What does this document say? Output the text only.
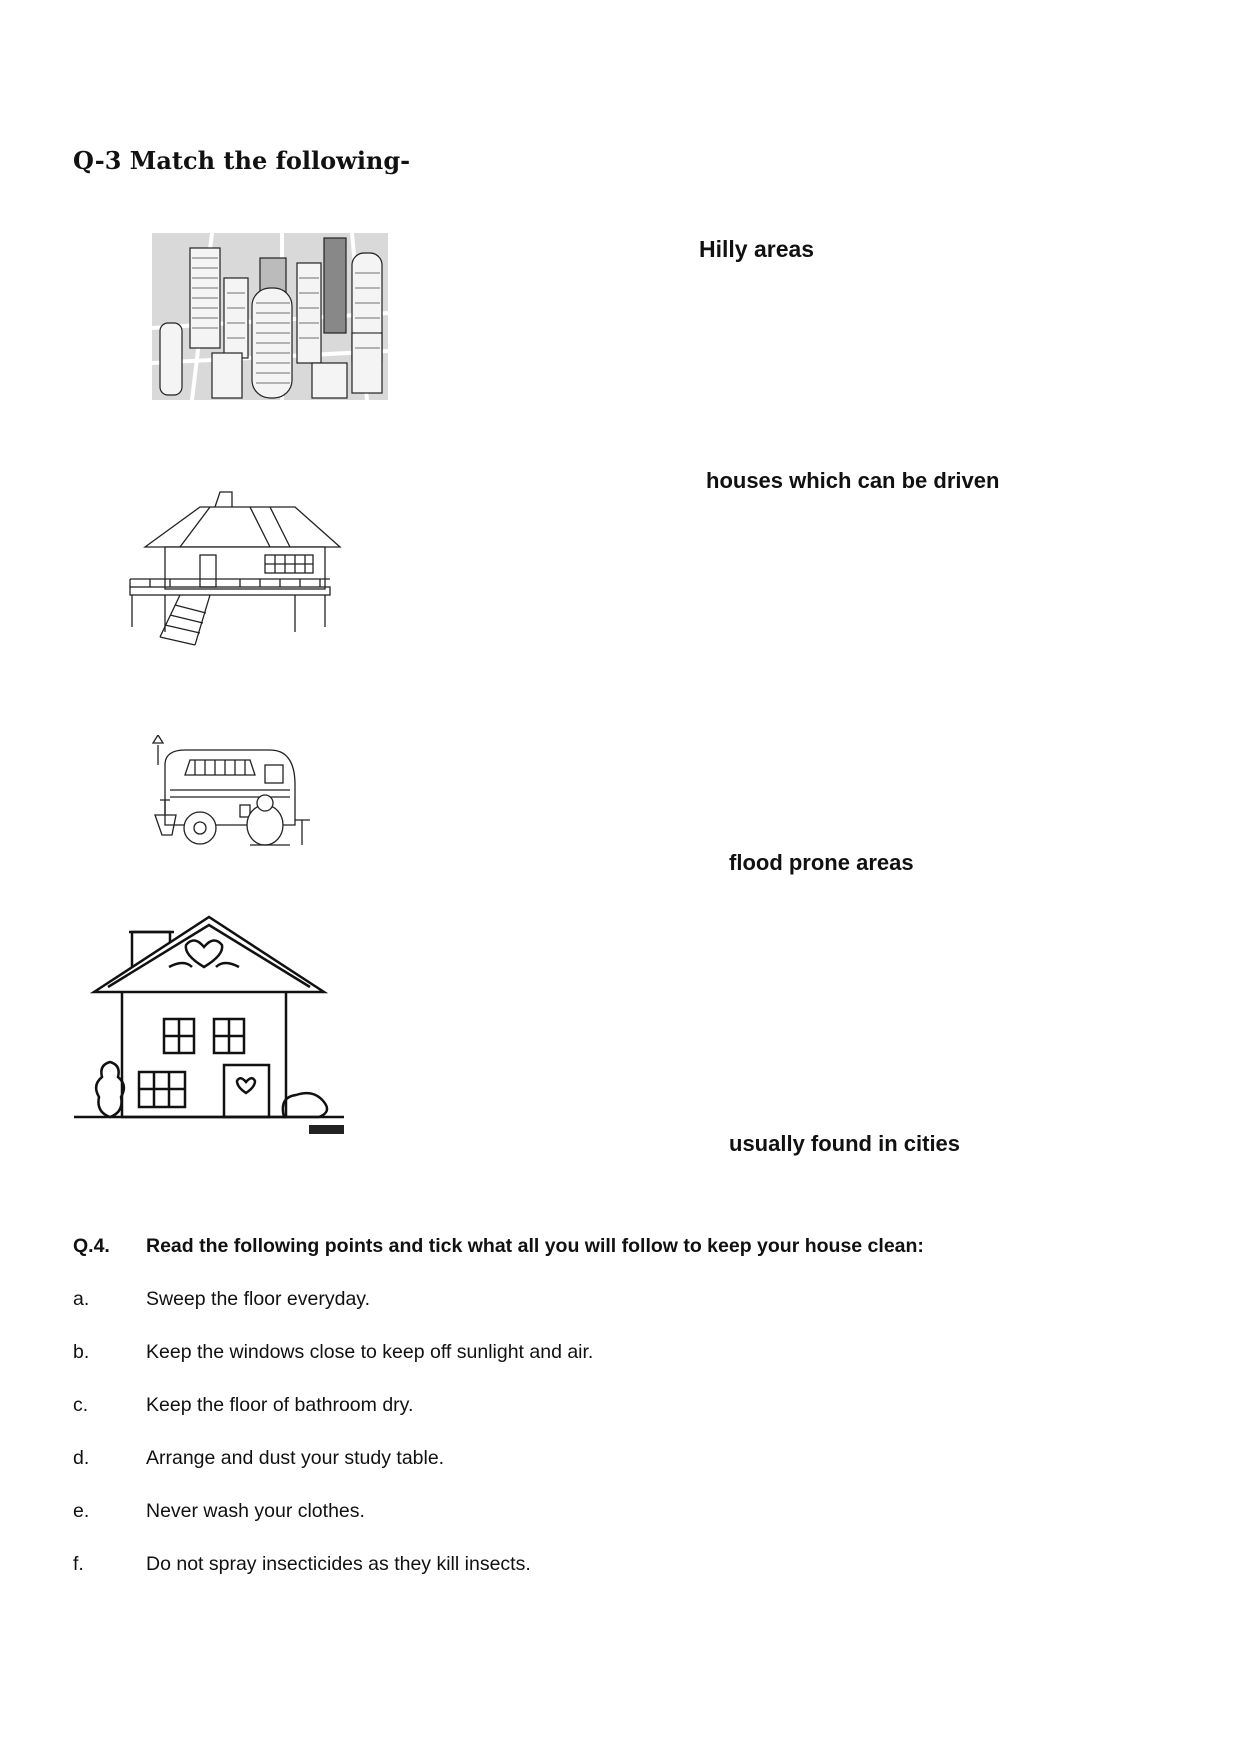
Q-3 Match the following-
Hilly areas
houses which can be driven
flood prone areas
usually found in cities

Q.4.	Read the following points and tick what all you will follow to keep your house clean:

a.	Sweep the floor everyday.
b.	Keep the windows close to keep off sunlight and air.
c.	Keep the floor of bathroom dry.
d.	Arrange and dust your study table.
e.	Never wash your clothes.
f.	Do not spray insecticides as they kill insects.
